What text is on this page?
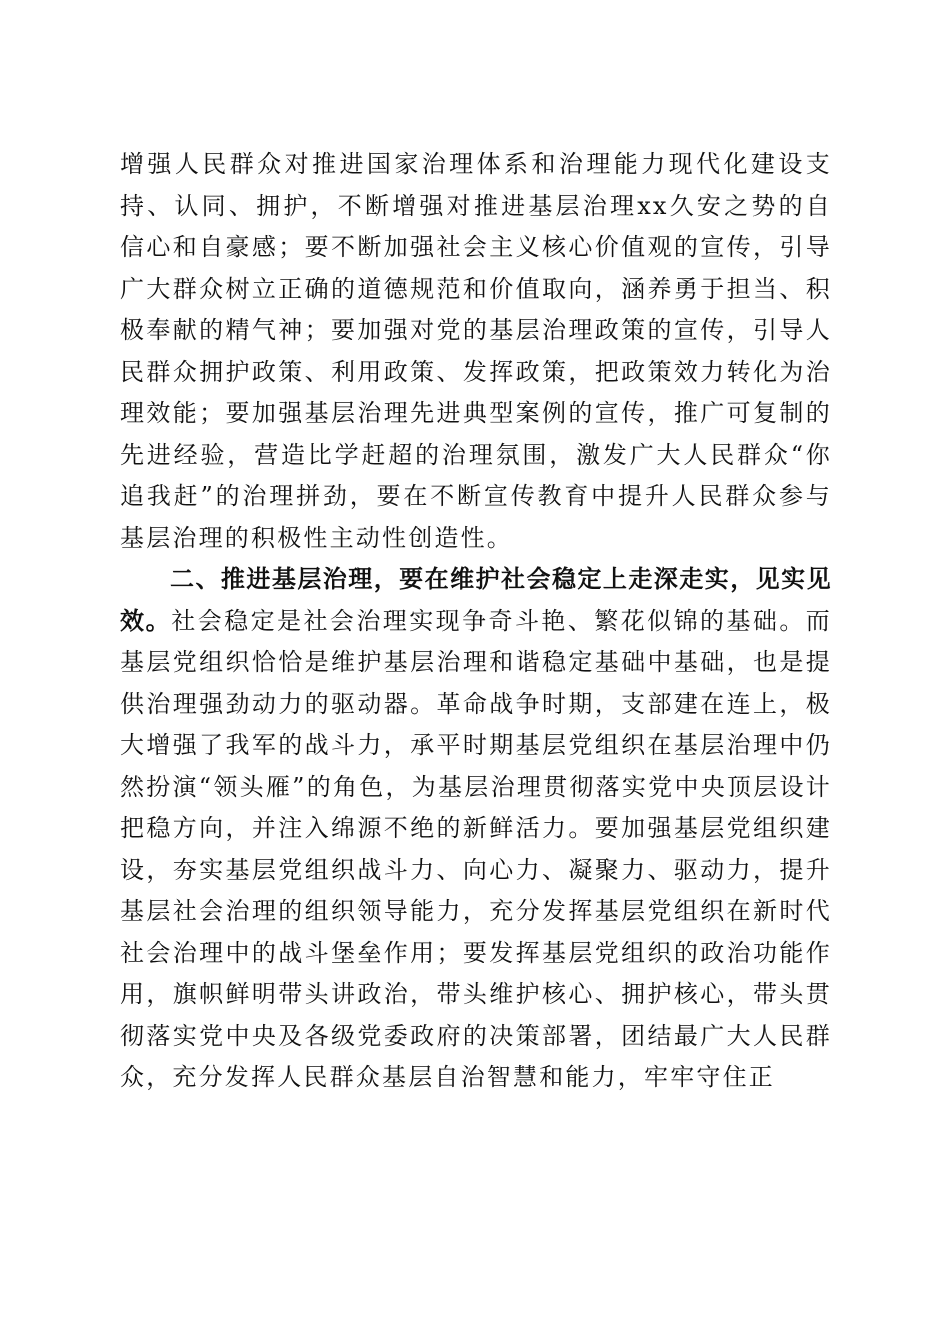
增强人民群众对推进国家治理体系和治理能力现代化建设支持、认同、拥护，不断增强对推进基层治理xx久安之势的自信心和自豪感；要不断加强社会主义核心价值观的宣传，引导广大群众树立正确的道德规范和价值取向，涵养勇于担当、积极奉献的精气神；要加强对党的基层治理政策的宣传，引导人民群众拥护政策、利用政策、发挥政策，把政策效力转化为治理效能；要加强基层治理先进典型案例的宣传，推广可复制的先进经验，营造比学赶超的治理氛围，激发广大人民群众“你追我赶”的治理拼劲，要在不断宣传教育中提升人民群众参与基层治理的积极性主动性创造性。

二、推进基层治理，要在维护社会稳定上走深走实，见实见效。社会稳定是社会治理实现争奇斗艳、繁花似锦的基础。而基层党组织恰恰是维护基层治理和谐稳定基础中基础，也是提供治理强劲动力的驱动器。革命战争时期，支部建在连上，极大增强了我军的战斗力，承平时期基层党组织在基层治理中仍然扮演“领头雁”的角色，为基层治理贯彻落实党中央顶层设计把稳方向，并注入绵源不绝的新鲜活力。要加强基层党组织建设，夯实基层党组织战斗力、向心力、凝聚力、驱动力，提升基层社会治理的组织领导能力，充分发挥基层党组织在新时代社会治理中的战斗堡垒作用；要发挥基层党组织的政治功能作用，旗帜鲜明带头讲政治，带头维护核心、拥护核心，带头贯彻落实党中央及各级党委政府的决策部署，团结最广大人民群众，充分发挥人民群众基层自治智慧和能力，牢牢守住正
